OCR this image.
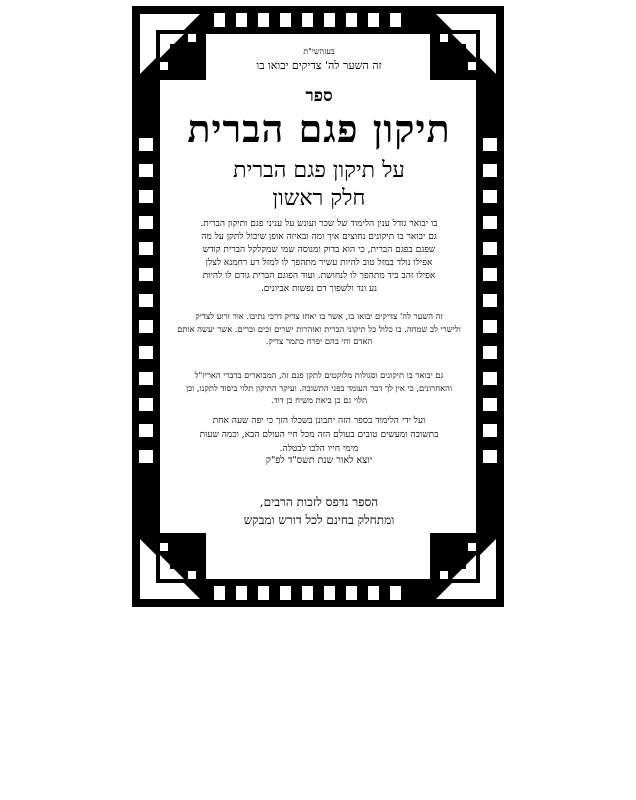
בעזהשי"ת
זה השער לה' צדיקים יבואו בו
ספר
תיקון פגם הברית
על תיקון פגם הברית
חלק ראשון
בו יבואר גודל ענין הלימוד של שכר ועונש על עניני פגם ותיקון הברית.
גם יבואר בו תיקונים נחוצים איך ומה ובאיזה אופן שיכול לתקן על מה
שפגם בפגם הברית, כי הוא בדוק ומנוסה שמי שמקלקל הברית קודש
אפילו נולד במזל טוב להיות עשיר מתהפך לו למזל רע רחמנא לצלן
אפילו זהב ביד מתהפך לו לנחושת. ועוד הפוגם הברית גורם לו להיות
נע ונד ולשפוך דם נפשות אביונים.
זה השער לה' צדיקים יבואו בו, אשר בו יאחז צדיק דרכי נתיבו. אור זרוע לצדיק
ולישרי לב שמחה. בו כלול כל תיקוני הברית ואזהרות ישרים זכים וברים. אשר יעשה אותם
האדם וחי בהם יפרח כתמר צדיק.
גם יבואר בו תיקונים וסגולות מלוקטים לתקן פגם זה, המבוארים בדברי האריז"ל
והאחרונים, כי אין לך דבר העומד בפני התשובה. ועיקר התיקון תלוי ביסוד לתקנו, וכן
תלוי גם כן ביאת משיח בן דוד.
ועל ידי הלימוד בספר הזה יתבונן בשכלו הזך כי יפה שעה אחת
בתשובה ומעשים טובים בעולם הזה מכל חיי העולם הבא, וכמה שעות
מימי חייו הלכו לבטלה.
יוצא לאור שנת תשס"ד לפ"ק
הספר נדפס לזכות הרבים,
ומתחלק בחינם לכל דורש ומבקש
